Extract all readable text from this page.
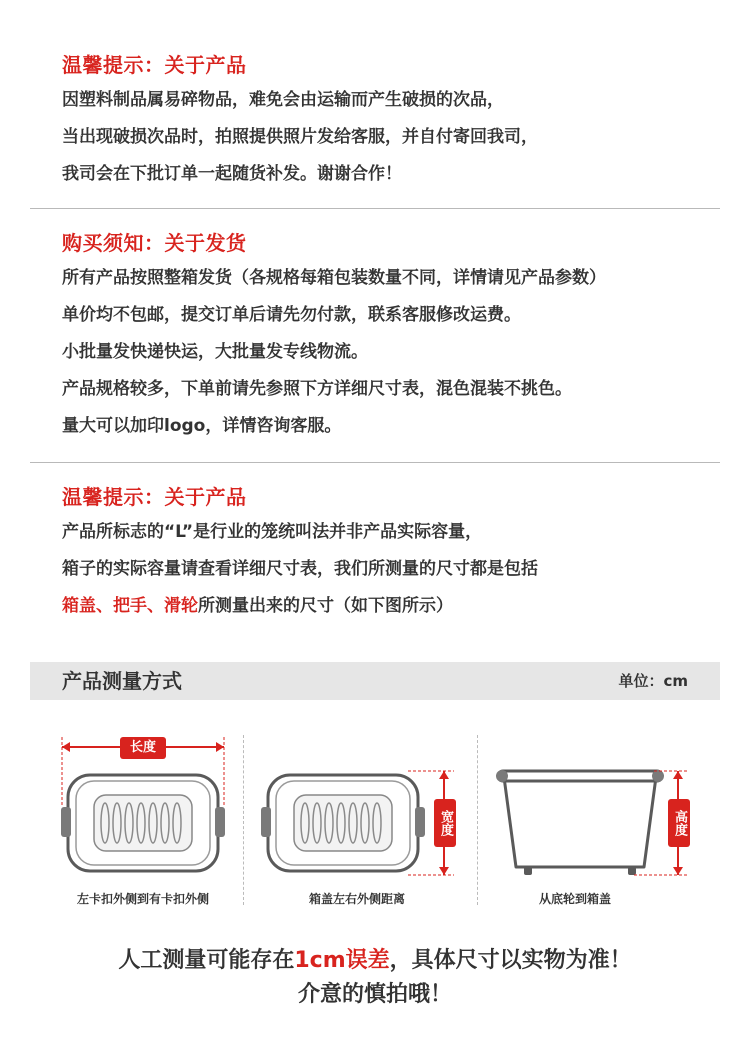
温馨提示：关于产品
因塑料制品属易碎物品，难免会由运输而产生破损的次品，
当出现破损次品时，拍照提供照片发给客服，并自付寄回我司，
我司会在下批订单一起随货补发。谢谢合作！
购买须知：关于发货
所有产品按照整箱发货（各规格每箱包装数量不同，详情请见产品参数）
单价均不包邮，提交订单后请先勿付款，联系客服修改运费。
小批量发快递快运，大批量发专线物流。
产品规格较多，下单前请先参照下方详细尺寸表，混色混装不挑色。
量大可以加印logo，详情咨询客服。
温馨提示：关于产品
产品所标志的“L”是行业的笼统叫法并非产品实际容量，
箱子的实际容量请查看详细尺寸表，我们所测量的尺寸都是包括
箱盖、把手、滑轮所测量出来的尺寸（如下图所示）
产品测量方式	单位：cm
长度
左卡扣外侧到有卡扣外侧
宽度
箱盖左右外侧距离
高度
从底轮到箱盖
人工测量可能存在1cm误差，具体尺寸以实物为准！
介意的慎拍哦！
